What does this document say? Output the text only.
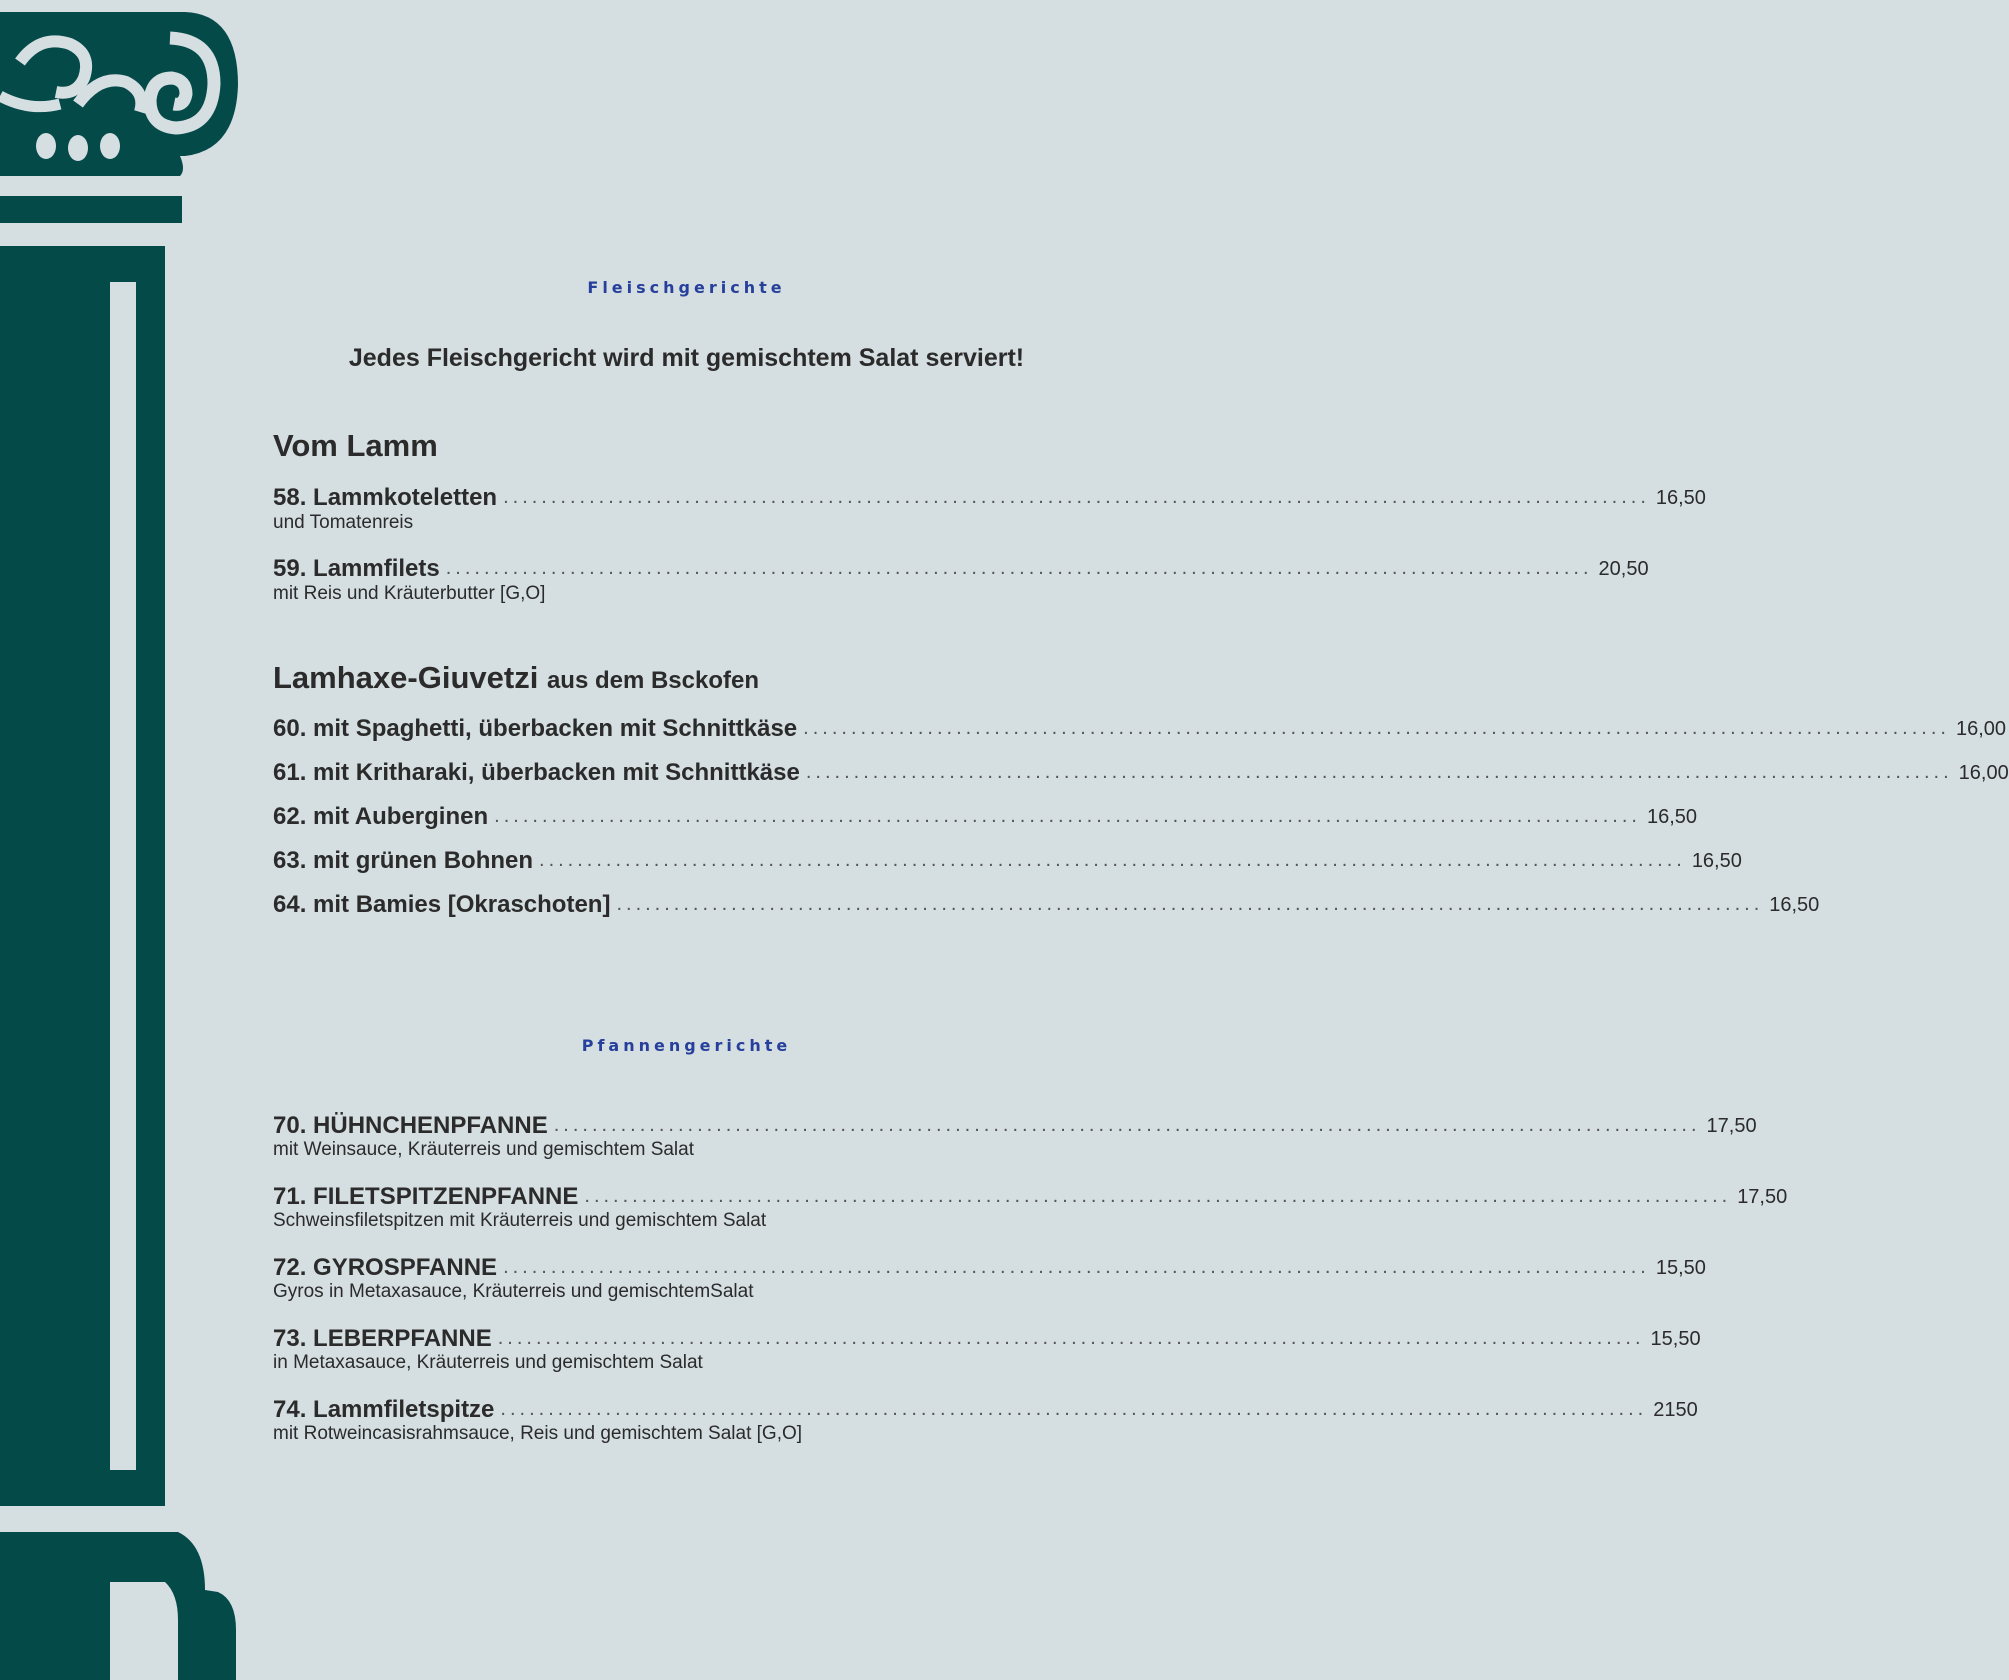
Fleischgerichte
Jedes Fleischgericht wird mit gemischtem Salat serviert!
Vom Lamm
58. Lammkoteletten ........................................................................................................................ 16,50
und Tomatenreis
59. Lammfilets ........................................................................................................................ 20,50
mit Reis und Kräuterbutter [G,O]
Lamhaxe-Giuvetzi aus dem Bsckofen
60. mit Spaghetti, überbacken mit Schnittkäse ........................................................................................................................ 16,00
61. mit Kritharaki, überbacken mit Schnittkäse ........................................................................................................................ 16,00
62. mit Auberginen ........................................................................................................................ 16,50
63. mit grünen Bohnen ........................................................................................................................ 16,50
64. mit Bamies [Okraschoten] ........................................................................................................................ 16,50
Pfannengerichte
70. HÜHNCHENPFANNE ........................................................................................................................ 17,50
mit Weinsauce, Kräuterreis und gemischtem Salat
71. FILETSPITZENPFANNE ........................................................................................................................ 17,50
Schweinsfiletspitzen mit Kräuterreis und gemischtem Salat
72. GYROSPFANNE ........................................................................................................................ 15,50
Gyros in Metaxasauce, Kräuterreis und gemischtemSalat
73. LEBERPFANNE ........................................................................................................................ 15,50
in Metaxasauce, Kräuterreis und gemischtem Salat
74. Lammfiletspitze ........................................................................................................................ 2150
mit Rotweincasisrahmsauce, Reis und gemischtem Salat [G,O]
